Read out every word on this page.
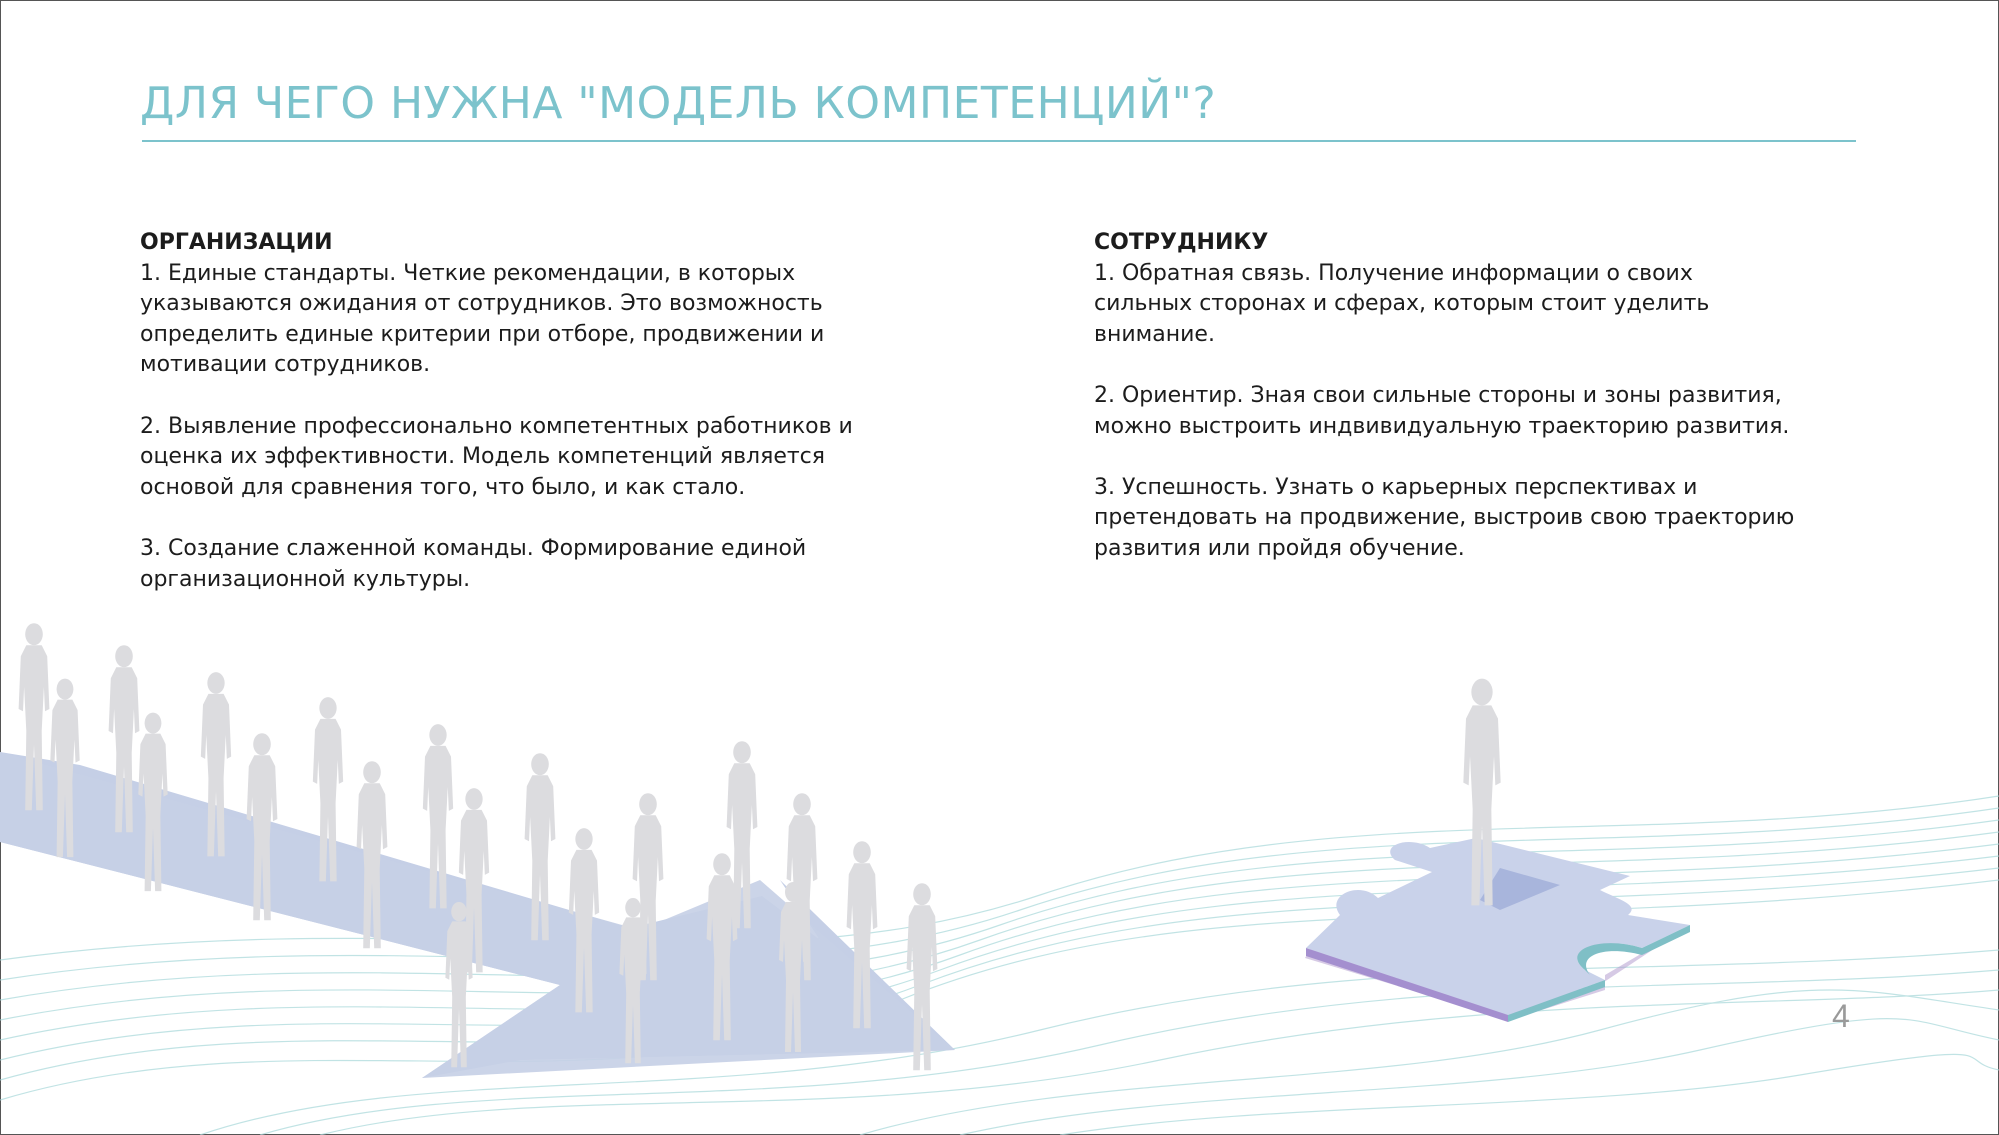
ДЛЯ ЧЕГО НУЖНА "МОДЕЛЬ КОМПЕТЕНЦИЙ"?
ОРГАНИЗАЦИИ

1. Единые стандарты. Четкие рекомендации, в которых
указываются ожидания от сотрудников. Это возможность
определить единые критерии при отборе, продвижении и
мотивации сотрудников.

2. Выявление профессионально компетентных работников и
оценка их эффективности. Модель компетенций является
основой для сравнения того, что было, и как стало.

3. Создание слаженной команды. Формирование единой
организационной культуры.

СОТРУДНИКУ

1. Обратная связь. Получение информации о своих
сильных сторонах и сферах, которым стоит уделить
внимание.

2. Ориентир. Зная свои сильные стороны и зоны развития,
можно выстроить индвивидуальную траекторию развития.

3. Успешность. Узнать о карьерных перспективах и
претендовать на продвижение, выстроив свою траекторию
развития или пройдя обучение.

4
